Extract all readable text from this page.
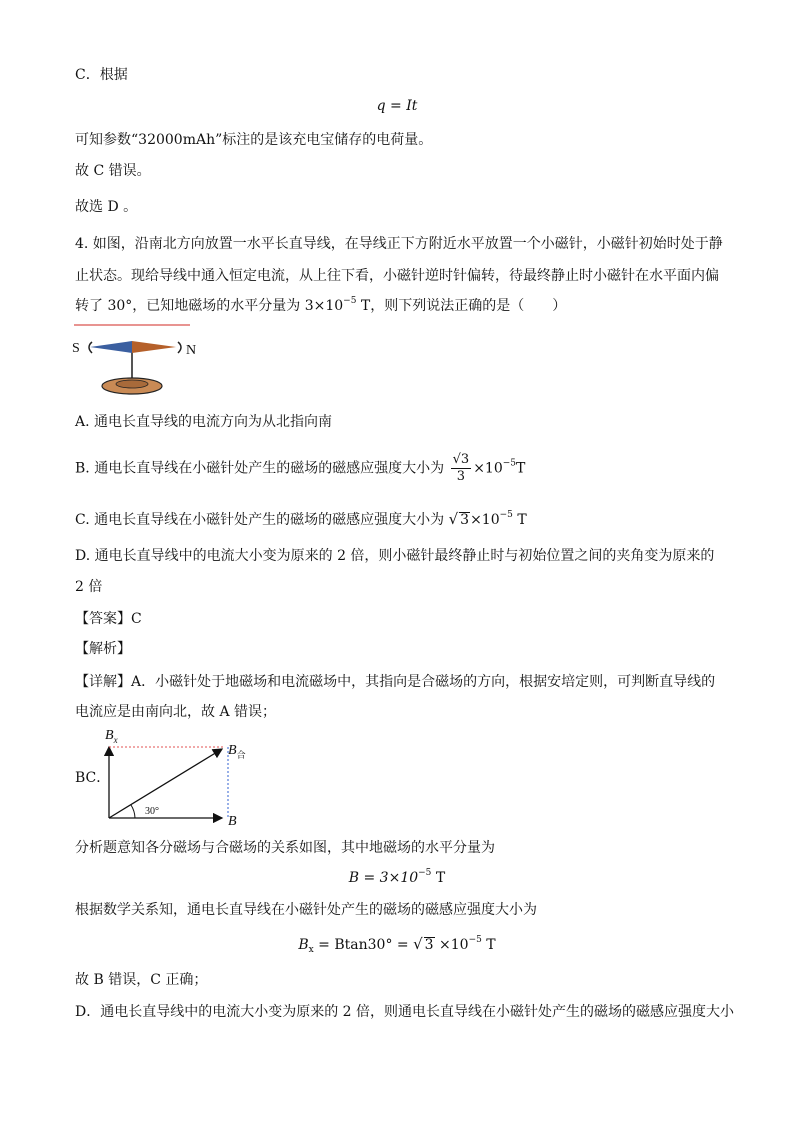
C．根据
q = It
可知参数“32000mAh”标注的是该充电宝储存的电荷量。
故 C 错误。
故选 D 。
4. 如图，沿南北方向放置一水平长直导线，在导线正下方附近水平放置一个小磁针，小磁针初始时处于静
止状态。现给导线中通入恒定电流，从上往下看，小磁针逆时针偏转，待最终静止时小磁针在水平面内偏
转了 30°，已知地磁场的水平分量为 $3\times 10^{-5}$ T，则下列说法正确的是（　　）
S	N
A. 通电长直导线的电流方向为从北指向南
B. 通电长直导线在小磁针处产生的磁场的磁感应强度大小为 $\frac{√3}{3} \times 10^{-5}T$
C. 通电长直导线在小磁针处产生的磁场的磁感应强度大小为 √ $3\times 10^{-5}$ T
D. 通电长直导线中的电流大小变为原来的 2 倍，则小磁针最终静止时与初始位置之间的夹角变为原来的
2 倍
【答案】C
【解析】
【详解】A．小磁针处于地磁场和电流磁场中，其指向是合磁场的方向，根据安培定则，可判断直导线的
电流应是由南向北，故 A 错误；
BC．
30°
$B_x$
$B_合$
B
分析题意知各分磁场与合磁场的关系如图，其中地磁场的水平分量为
$B = 3\times 10^{-5}$ T
根据数学关系知，通电长直导线在小磁针处产生的磁场的磁感应强度大小为
$B_x = Btan30^\circ$ = √ $3 \times 10^{-5}$ T
故 B 错误，C 正确；
D．通电长直导线中的电流大小变为原来的 2 倍，则通电长直导线在小磁针处产生的磁场的磁感应强度大小
